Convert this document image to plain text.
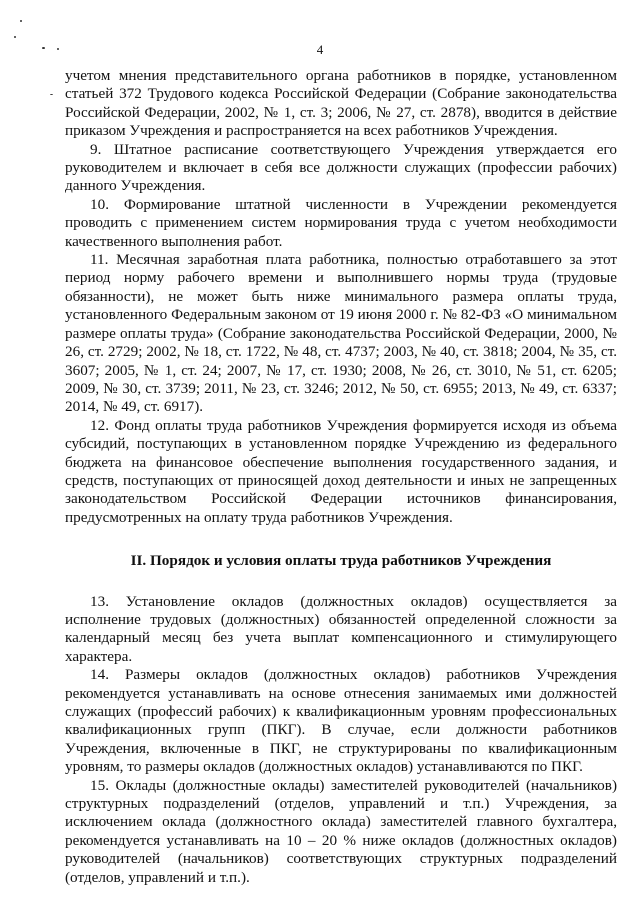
4

учетом мнения представительного органа работников в порядке, установленном статьей 372 Трудового кодекса Российской Федерации (Собрание законодательства Российской Федерации, 2002, № 1, ст. 3; 2006, № 27, ст. 2878), вводится в действие приказом Учреждения и распространяется на всех работников Учреждения.

9. Штатное расписание соответствующего Учреждения утверждается его руководителем и включает в себя все должности служащих (профессии рабочих) данного Учреждения.

10. Формирование штатной численности в Учреждении рекомендуется проводить с применением систем нормирования труда с учетом необходимости качественного выполнения работ.

11. Месячная заработная плата работника, полностью отработавшего за этот период норму рабочего времени и выполнившего нормы труда (трудовые обязанности), не может быть ниже минимального размера оплаты труда, установленного Федеральным законом от 19 июня 2000 г. № 82-ФЗ «О минимальном размере оплаты труда» (Собрание законодательства Российской Федерации, 2000, № 26, ст. 2729; 2002, № 18, ст. 1722, № 48, ст. 4737; 2003, № 40, ст. 3818; 2004, № 35, ст. 3607; 2005, № 1, ст. 24; 2007, № 17, ст. 1930; 2008, № 26, ст. 3010, № 51, ст. 6205; 2009, № 30, ст. 3739; 2011, № 23, ст. 3246; 2012, № 50, ст. 6955; 2013, № 49, ст. 6337; 2014, № 49, ст. 6917).

12. Фонд оплаты труда работников Учреждения формируется исходя из объема субсидий, поступающих в установленном порядке Учреждению из федерального бюджета на финансовое обеспечение выполнения государственного задания, и средств, поступающих от приносящей доход деятельности и иных не запрещенных законодательством Российской Федерации источников финансирования, предусмотренных на оплату труда работников Учреждения.

II. Порядок и условия оплаты труда работников Учреждения

13. Установление окладов (должностных окладов) осуществляется за исполнение трудовых (должностных) обязанностей определенной сложности за календарный месяц без учета выплат компенсационного и стимулирующего характера.

14. Размеры окладов (должностных окладов) работников Учреждения рекомендуется устанавливать на основе отнесения занимаемых ими должностей служащих (профессий рабочих) к квалификационным уровням профессиональных квалификационных групп (ПКГ). В случае, если должности работников Учреждения, включенные в ПКГ, не структурированы по квалификационным уровням, то размеры окладов (должностных окладов) устанавливаются по ПКГ.

15. Оклады (должностные оклады) заместителей руководителей (начальников) структурных подразделений (отделов, управлений и т.п.) Учреждения, за исключением оклада (должностного оклада) заместителей главного бухгалтера, рекомендуется устанавливать на 10 – 20 % ниже окладов (должностных окладов) руководителей (начальников) соответствующих структурных подразделений (отделов, управлений и т.п.).
